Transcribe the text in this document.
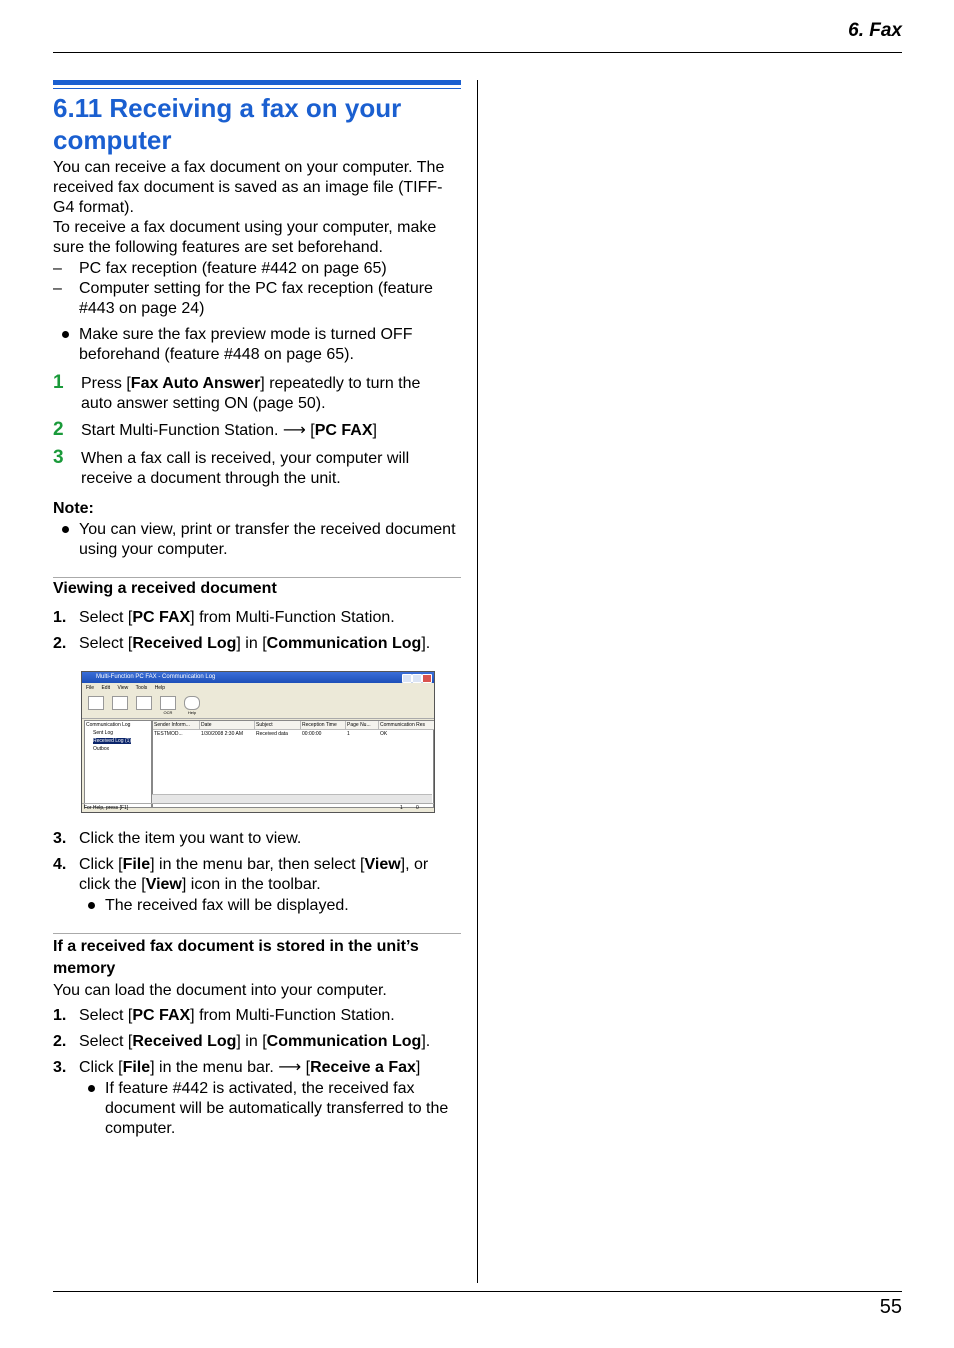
6. Fax
6.11 Receiving a fax on your
computer
You can receive a fax document on your computer. The
received fax document is saved as an image file (TIFF-
G4 format).
To receive a fax document using your computer, make
sure the following features are set beforehand.
– PC fax reception (feature #442 on page 65)
– Computer setting for the PC fax reception (feature
#443 on page 24)
Make sure the fax preview mode is turned OFF
beforehand (feature #448 on page 65).
1 Press [Fax Auto Answer] repeatedly to turn the
auto answer setting ON (page 50).
2 Start Multi-Function Station. ⟶ [PC FAX]
3 When a fax call is received, your computer will
receive a document through the unit.
Note:
You can view, print or transfer the received document
using your computer.
Viewing a received document
1. Select [PC FAX] from Multi-Function Station.
2. Select [Received Log] in [Communication Log].
Multi-Function PC FAX - Communication Log
File Edit View Tools Help
OCR	Help
Communication Log
Sent Log
Received Log (1)
Outbox
Sender Inform...	Date	Subject	Reception Time	Page Nu...	Communication Res
TESTMOD...	1/30/2008 2:30 AM	Received data	00:00:00	1	OK
For Help, press [F1]	1	0
3. Click the item you want to view.
4. Click [File] in the menu bar, then select [View], or
click the [View] icon in the toolbar.
The received fax will be displayed.
If a received fax document is stored in the unit’s
memory
You can load the document into your computer.
1. Select [PC FAX] from Multi-Function Station.
2. Select [Received Log] in [Communication Log].
3. Click [File] in the menu bar. ⟶ [Receive a Fax]
If feature #442 is activated, the received fax
document will be automatically transferred to the
computer.
55
